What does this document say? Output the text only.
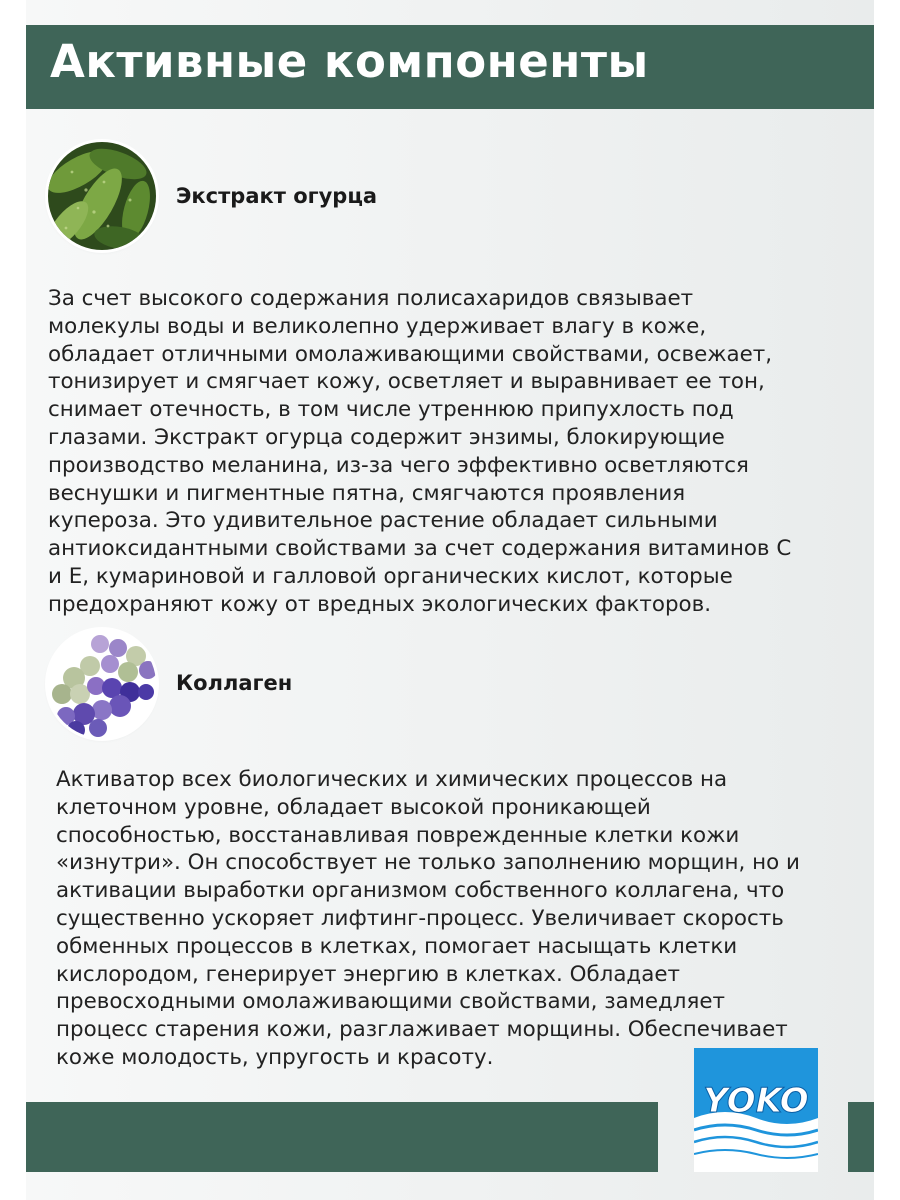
Активные компоненты
Экстракт огурца
За счет высокого содержания полисахаридов связывает
молекулы воды и великолепно удерживает влагу в коже,
обладает отличными омолаживающими свойствами, освежает,
тонизирует и смягчает кожу, осветляет и выравнивает ее тон,
снимает отечность, в том числе утреннюю припухлость под
глазами. Экстракт огурца содержит энзимы, блокирующие
производство меланина, из-за чего эффективно осветляются
веснушки и пигментные пятна, смягчаются проявления
купероза. Это удивительное растение обладает сильными
антиоксидантными свойствами за счет содержания витаминов С
и Е, кумариновой и галловой органических кислот, которые
предохраняют кожу от вредных экологических факторов.
Коллаген
Активатор всех биологических и химических процессов на
клеточном уровне, обладает высокой проникающей
способностью, восстанавливая поврежденные клетки кожи
«изнутри». Он способствует не только заполнению морщин, но и
активации выработки организмом собственного коллагена, что
существенно ускоряет лифтинг-процесс. Увеличивает скорость
обменных процессов в клетках, помогает насыщать клетки
кислородом, генерирует энергию в клетках. Обладает
превосходными омолаживающими свойствами, замедляет
процесс старения кожи, разглаживает морщины. Обеспечивает
коже молодость, упругость и красоту.
YOKO
